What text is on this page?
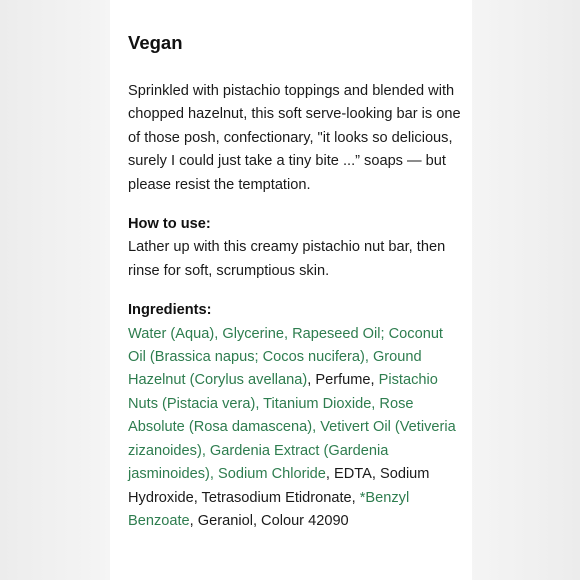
Vegan
Sprinkled with pistachio toppings and blended with chopped hazelnut, this soft serve-looking bar is one of those posh, confectionary, "it looks so delicious, surely I could just take a tiny bite ...” soaps — but please resist the temptation.
How to use:
Lather up with this creamy pistachio nut bar, then rinse for soft, scrumptious skin.
Ingredients:
Water (Aqua), Glycerine, Rapeseed Oil; Coconut Oil (Brassica napus; Cocos nucifera), Ground Hazelnut (Corylus avellana), Perfume, Pistachio Nuts (Pistacia vera), Titanium Dioxide, Rose Absolute (Rosa damascena), Vetivert Oil (Vetiveria zizanoides), Gardenia Extract (Gardenia jasminoides), Sodium Chloride, EDTA, Sodium Hydroxide, Tetrasodium Etidronate, *Benzyl Benzoate, Geraniol, Colour 42090
